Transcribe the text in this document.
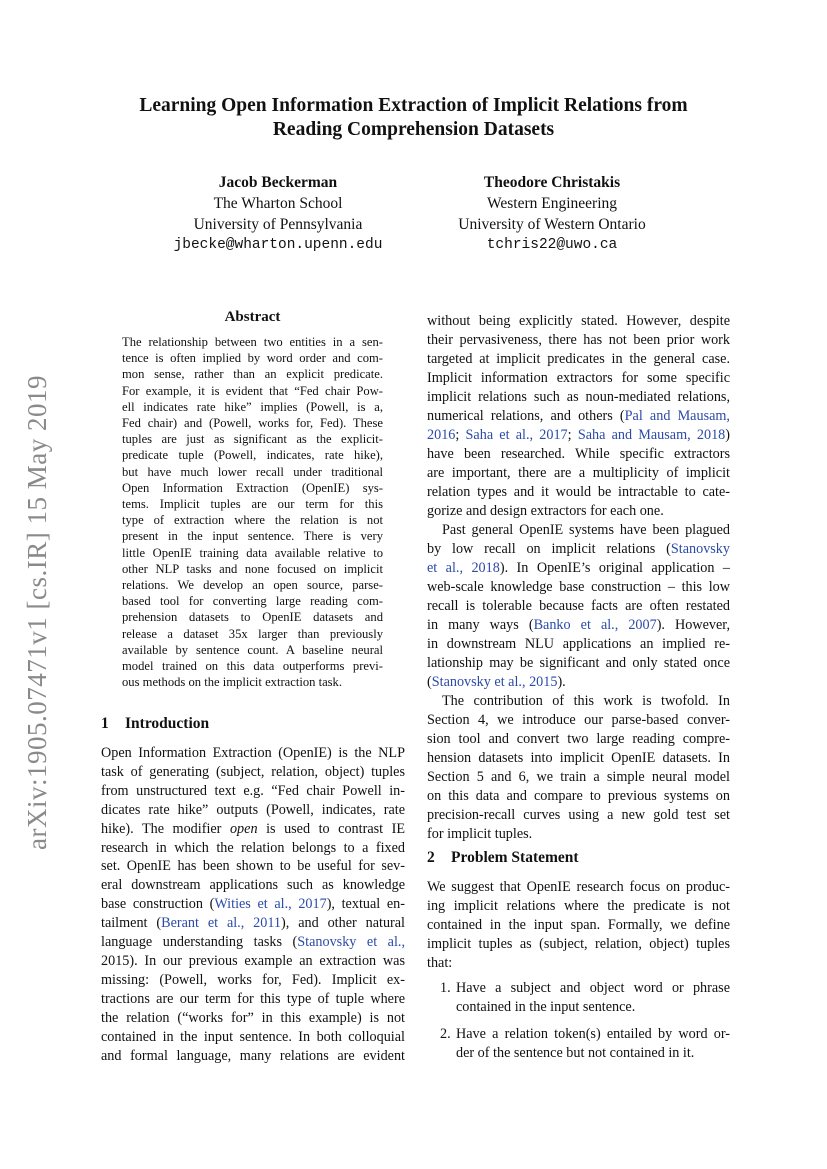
arXiv:1905.07471v1 [cs.IR] 15 May 2019
Learning Open Information Extraction of Implicit Relations from
Reading Comprehension Datasets
Jacob Beckerman
The Wharton School
University of Pennsylvania
jbecke@wharton.upenn.edu
Theodore Christakis
Western Engineering
University of Western Ontario
tchris22@uwo.ca
Abstract
The relationship between two entities in a sen-
tence is often implied by word order and com-
mon sense, rather than an explicit predicate.
For example, it is evident that “Fed chair Pow-
ell indicates rate hike” implies (Powell, is a,
Fed chair) and (Powell, works for, Fed). These
tuples are just as significant as the explicit-
predicate tuple (Powell, indicates, rate hike),
but have much lower recall under traditional
Open Information Extraction (OpenIE) sys-
tems. Implicit tuples are our term for this
type of extraction where the relation is not
present in the input sentence. There is very
little OpenIE training data available relative to
other NLP tasks and none focused on implicit
relations. We develop an open source, parse-
based tool for converting large reading com-
prehension datasets to OpenIE datasets and
release a dataset 35x larger than previously
available by sentence count. A baseline neural
model trained on this data outperforms previ-
ous methods on the implicit extraction task.
1 Introduction
Open Information Extraction (OpenIE) is the NLP
task of generating (subject, relation, object) tuples
from unstructured text e.g. “Fed chair Powell in-
dicates rate hike” outputs (Powell, indicates, rate
hike). The modifier open is used to contrast IE
research in which the relation belongs to a fixed
set. OpenIE has been shown to be useful for sev-
eral downstream applications such as knowledge
base construction (Wities et al., 2017), textual en-
tailment (Berant et al., 2011), and other natural
language understanding tasks (Stanovsky et al.,
2015). In our previous example an extraction was
missing: (Powell, works for, Fed). Implicit ex-
tractions are our term for this type of tuple where
the relation (“works for” in this example) is not
contained in the input sentence. In both colloquial
and formal language, many relations are evident
without being explicitly stated. However, despite
their pervasiveness, there has not been prior work
targeted at implicit predicates in the general case.
Implicit information extractors for some specific
implicit relations such as noun-mediated relations,
numerical relations, and others (Pal and Mausam,
2016; Saha et al., 2017; Saha and Mausam, 2018)
have been researched. While specific extractors
are important, there are a multiplicity of implicit
relation types and it would be intractable to cate-
gorize and design extractors for each one.
Past general OpenIE systems have been plagued
by low recall on implicit relations (Stanovsky
et al., 2018). In OpenIE’s original application –
web-scale knowledge base construction – this low
recall is tolerable because facts are often restated
in many ways (Banko et al., 2007). However,
in downstream NLU applications an implied re-
lationship may be significant and only stated once
(Stanovsky et al., 2015).
The contribution of this work is twofold. In
Section 4, we introduce our parse-based conver-
sion tool and convert two large reading compre-
hension datasets into implicit OpenIE datasets. In
Section 5 and 6, we train a simple neural model
on this data and compare to previous systems on
precision-recall curves using a new gold test set
for implicit tuples.
2 Problem Statement
We suggest that OpenIE research focus on produc-
ing implicit relations where the predicate is not
contained in the input span. Formally, we define
implicit tuples as (subject, relation, object) tuples
that:
1. Have a subject and object word or phrase
contained in the input sentence.
2. Have a relation token(s) entailed by word or-
der of the sentence but not contained in it.
